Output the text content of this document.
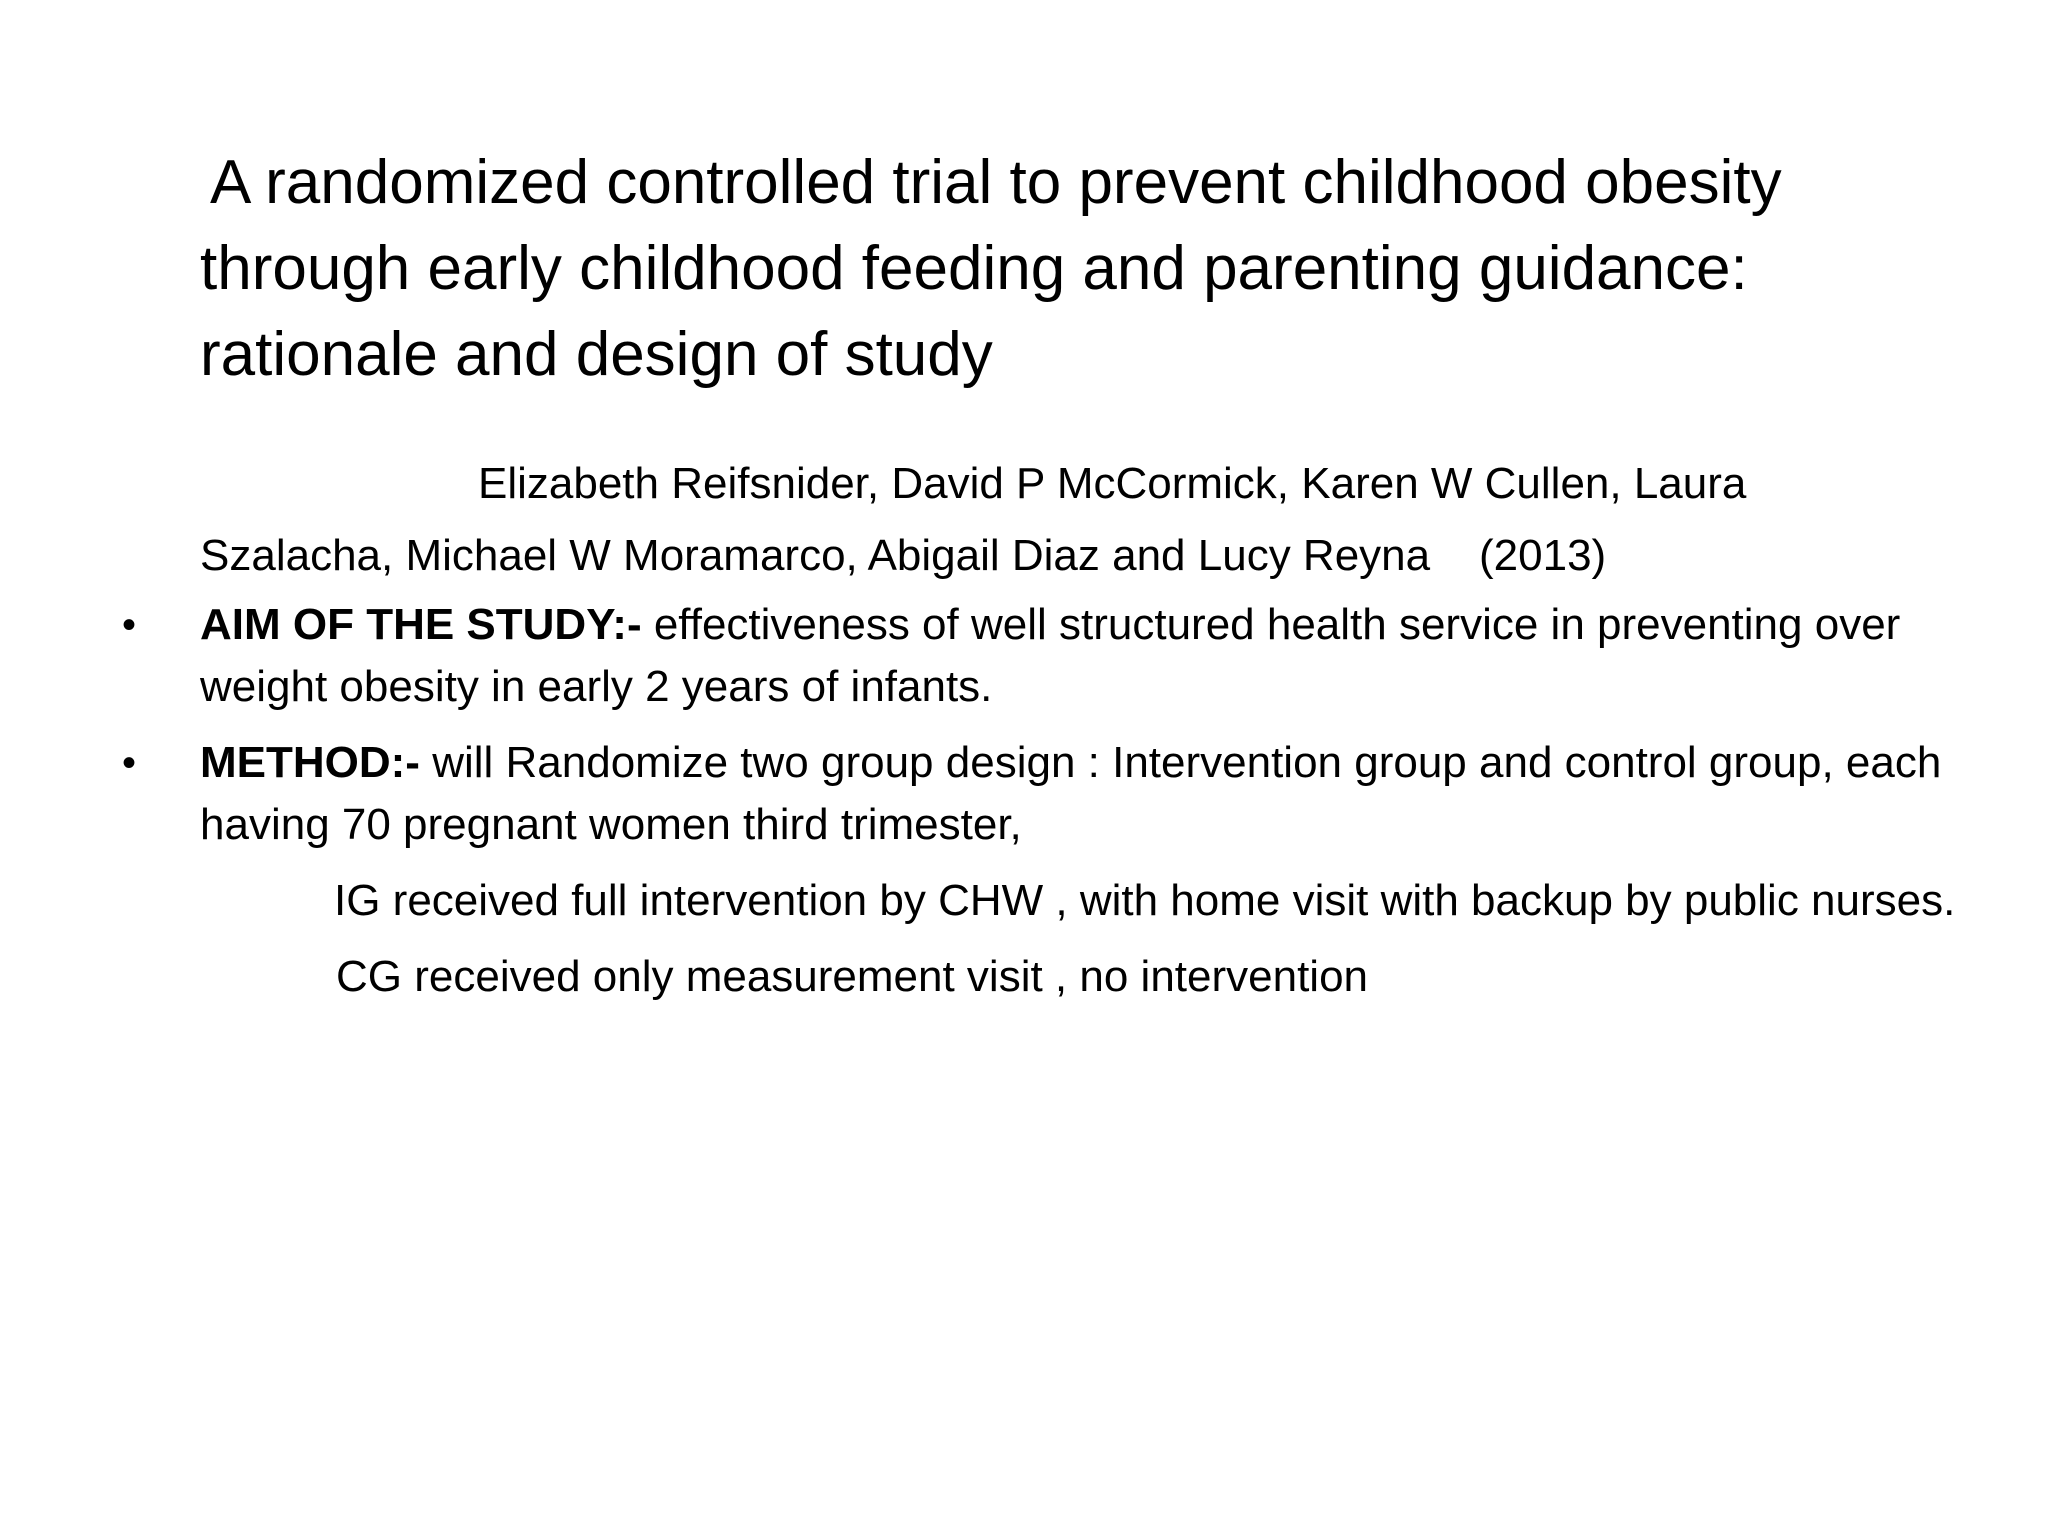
A randomized controlled trial to prevent childhood obesity
through early childhood feeding and parenting guidance:
rationale and design of study
Elizabeth Reifsnider, David P McCormick, Karen W Cullen, Laura
Szalacha, Michael W Moramarco, Abigail Diaz and Lucy Reyna    (2013)
•	AIM OF THE STUDY:- effectiveness of well structured health service in preventing over weight obesity in early 2 years of infants.
•	METHOD:- will Randomize two group design : Intervention group and control group, each having 70 pregnant women third trimester,
IG received full intervention by CHW , with home visit with backup by public nurses.
CG received only measurement visit , no intervention
